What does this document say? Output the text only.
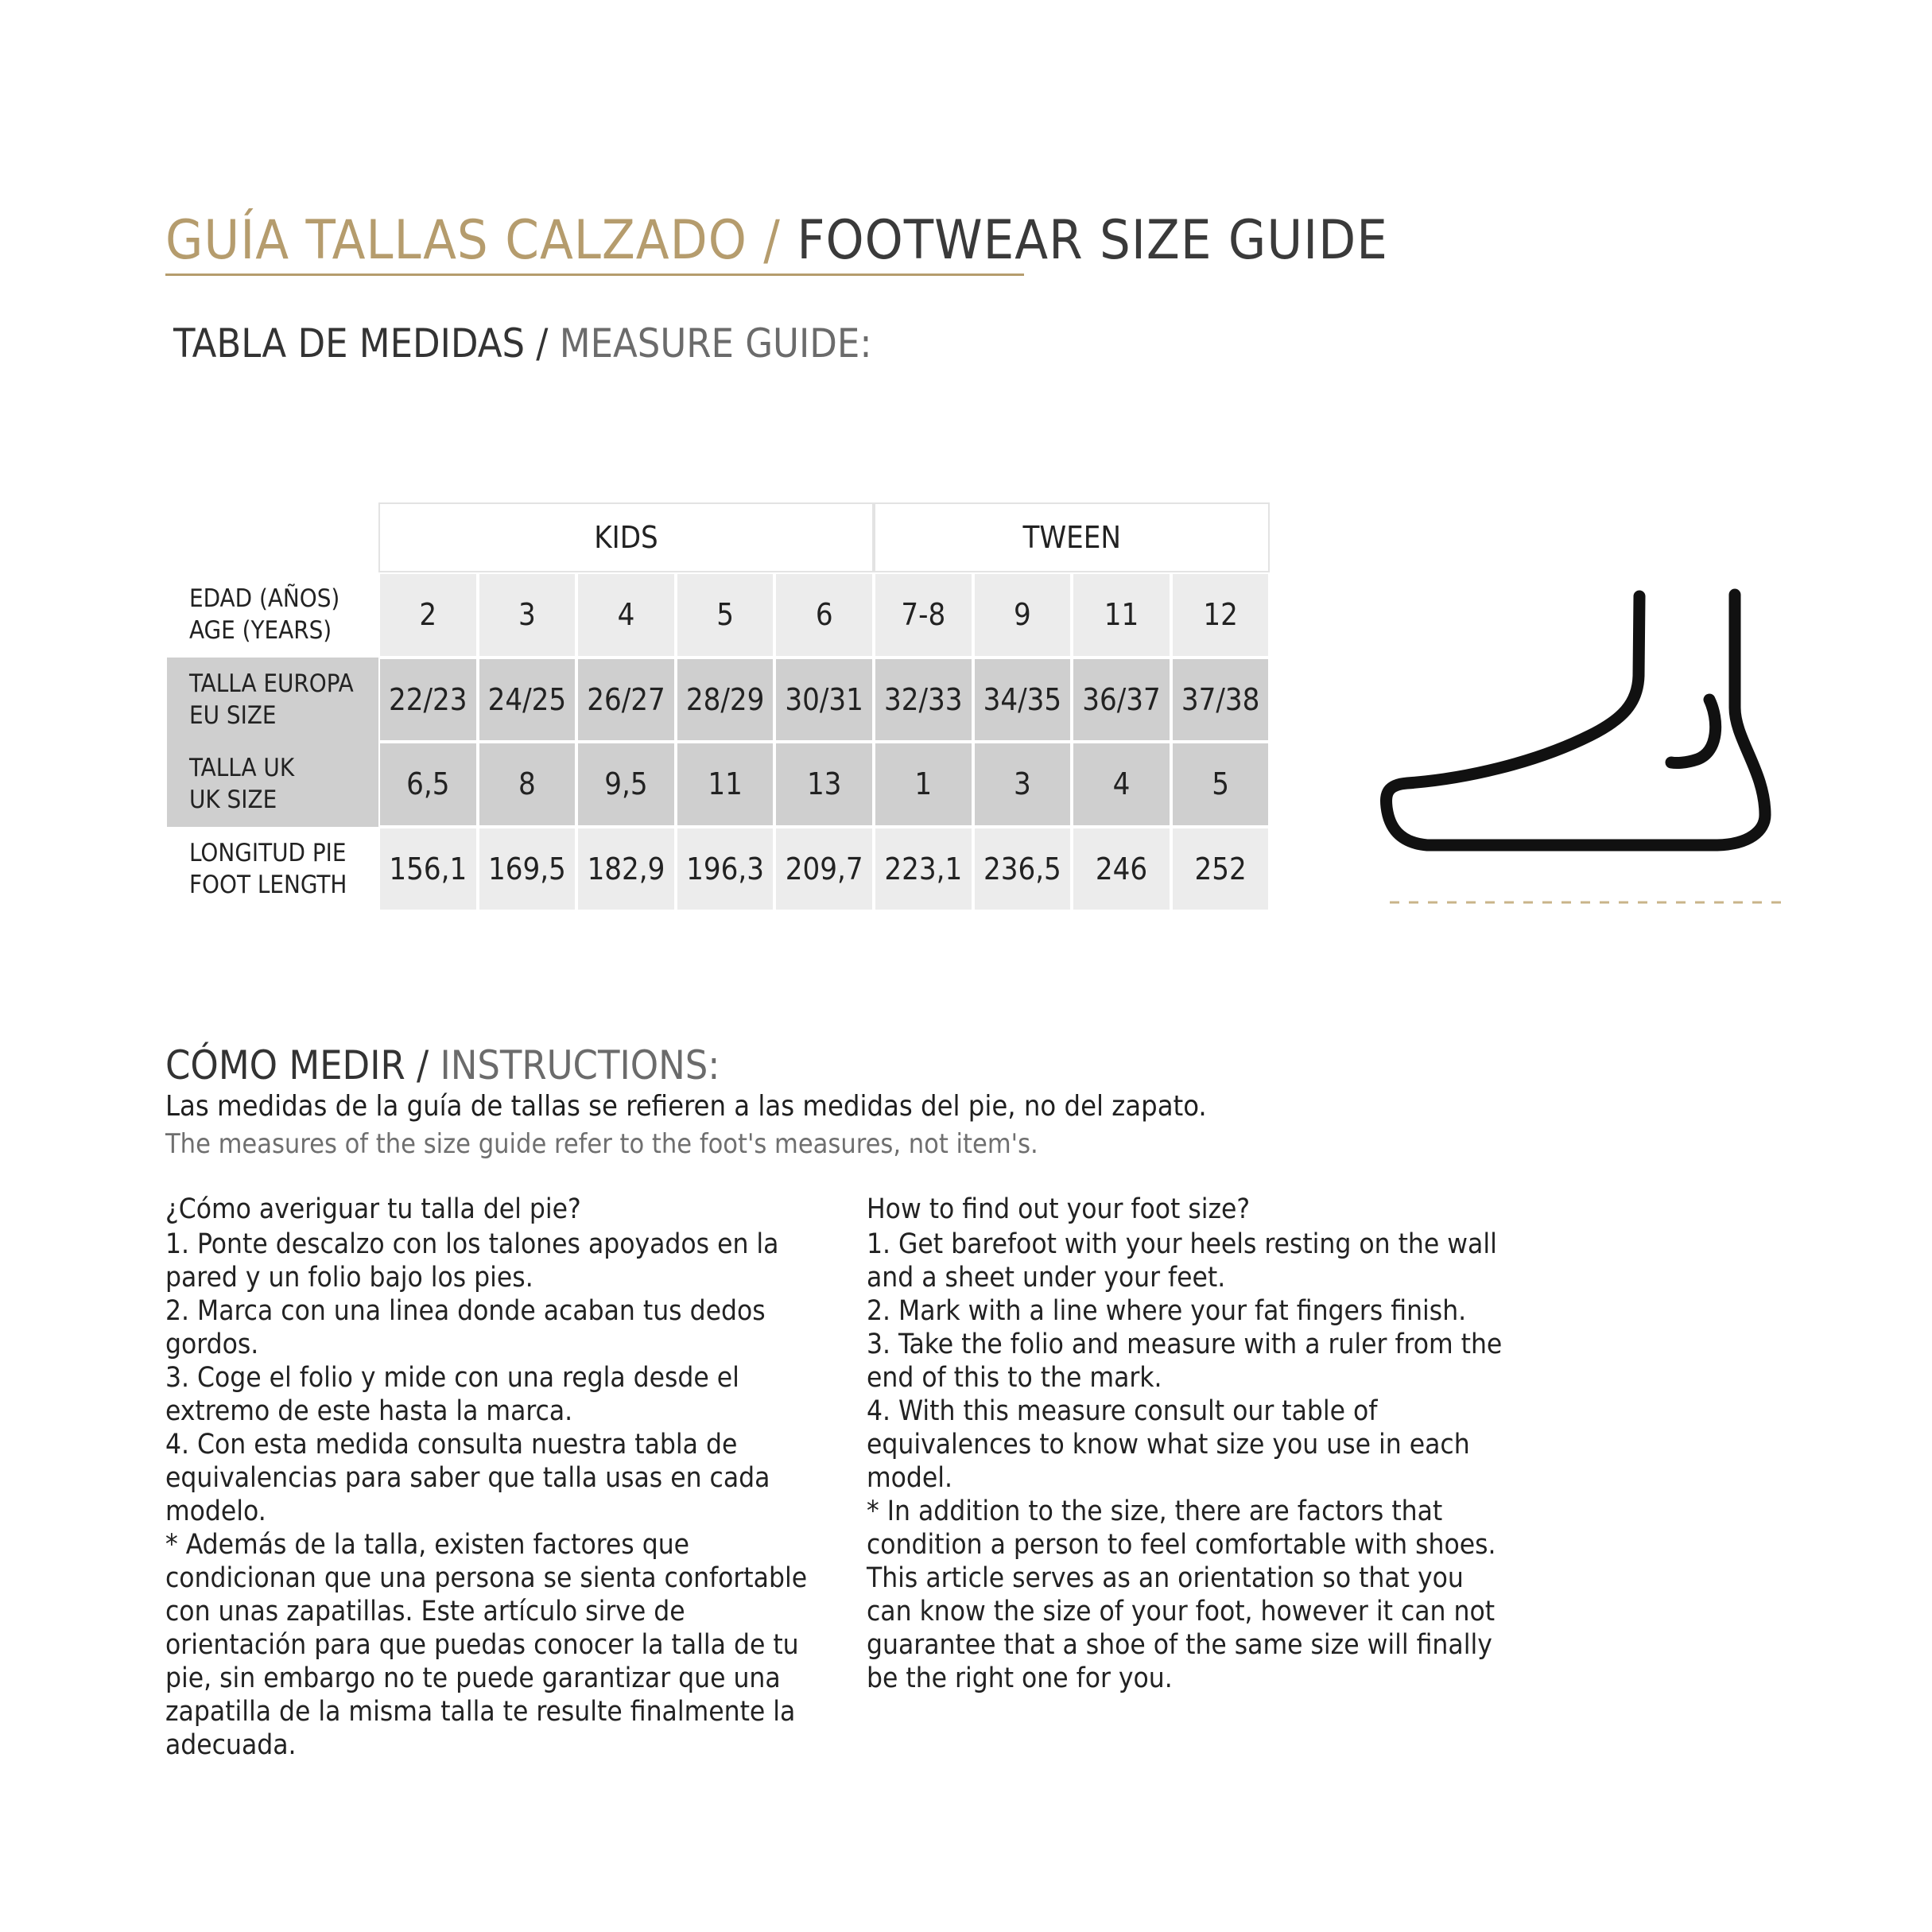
GUÍA TALLAS CALZADO / FOOTWEAR SIZE GUIDE
TABLA DE MEDIDAS / MEASURE GUIDE:
KIDS	TWEEN
EDAD (AÑOS)
AGE (YEARS)	2	3	4	5	6	7-8	9	11	12
TALLA EUROPA
EU SIZE	22/23 24/25 26/27 28/29 30/31 32/33 34/35 36/37 37/38
TALLA UK
UK SIZE	6,5	8	9,5	11	13	1	3	4	5
LONGITUD PIE
FOOT LENGTH	156,1 169,5 182,9 196,3 209,7 223,1 236,5	246	252
CÓMO MEDIR / INSTRUCTIONS:
Las medidas de la guía de tallas se refieren a las medidas del pie, no del zapato.
The measures of the size guide refer to the foot's measures, not item's.

¿Cómo averiguar tu talla del pie?

1. Ponte descalzo con los talones apoyados en la pared y un folio bajo los pies.

2. Marca con una linea donde acaban tus dedos gordos.

3. Coge el folio y mide con una regla desde el extremo de este hasta la marca.

4. Con esta medida consulta nuestra tabla de equivalencias para saber que talla usas en cada modelo.

* Además de la talla, existen factores que condicionan que una persona se sienta confortable con unas zapatillas. Este artículo sirve de orientación para que puedas conocer la talla de tu pie, sin embargo no te puede garantizar que una zapatilla de la misma talla te resulte finalmente la adecuada.

How to find out your foot size?

1. Get barefoot with your heels resting on the wall and a sheet under your feet.

2. Mark with a line where your fat fingers finish.

3. Take the folio and measure with a ruler from the end of this to the mark.

4. With this measure consult our table of equivalences to know what size you use in each model.

* In addition to the size, there are factors that condition a person to feel comfortable with shoes. This article serves as an orientation so that you can know the size of your foot, however it can not guarantee that a shoe of the same size will finally be the right one for you.
